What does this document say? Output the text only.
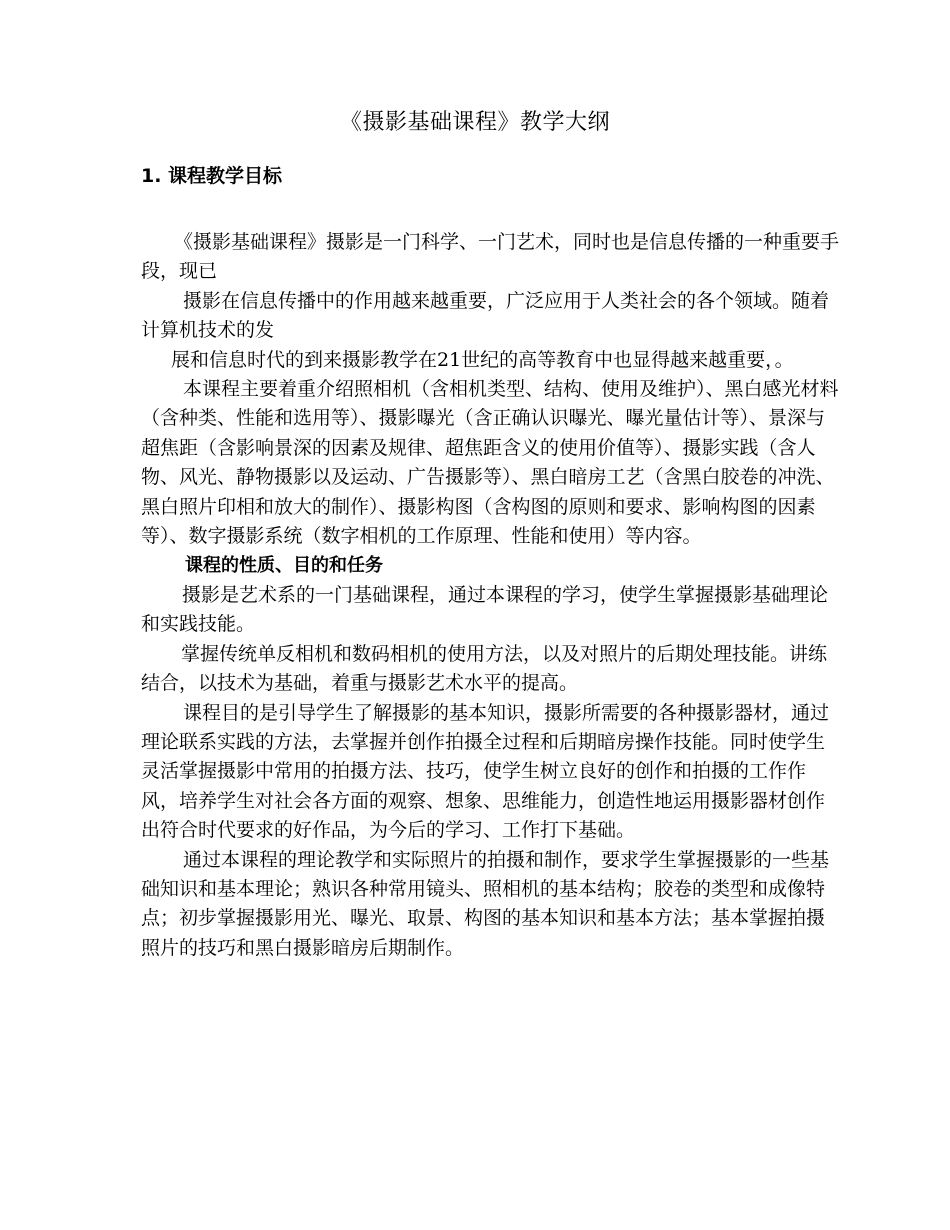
《摄影基础课程》教学大纲
1. 课程教学目标

《摄影基础课程》摄影是一门科学、一门艺术，同时也是信息传播的一种重要手段，现已

摄影在信息传播中的作用越来越重要，广泛应用于人类社会的各个领域。随着计算机技术的发

展和信息时代的到来摄影教学在21世纪的高等教育中也显得越来越重要，。

本课程主要着重介绍照相机（含相机类型、结构、使用及维护）、黑白感光材料（含种类、性能和选用等）、摄影曝光（含正确认识曝光、曝光量估计等）、景深与超焦距（含影响景深的因素及规律、超焦距含义的使用价值等）、摄影实践（含人物、风光、静物摄影以及运动、广告摄影等）、黑白暗房工艺（含黑白胶卷的冲洗、黑白照片印相和放大的制作）、摄影构图（含构图的原则和要求、影响构图的因素等）、数字摄影系统（数字相机的工作原理、性能和使用）等内容。

课程的性质、目的和任务

摄影是艺术系的一门基础课程，通过本课程的学习，使学生掌握摄影基础理论和实践技能。

掌握传统单反相机和数码相机的使用方法，以及对照片的后期处理技能。讲练结合，以技术为基础，着重与摄影艺术水平的提高。

课程目的是引导学生了解摄影的基本知识，摄影所需要的各种摄影器材，通过理论联系实践的方法，去掌握并创作拍摄全过程和后期暗房操作技能。同时使学生灵活掌握摄影中常用的拍摄方法、技巧，使学生树立良好的创作和拍摄的工作作风，培养学生对社会各方面的观察、想象、思维能力，创造性地运用摄影器材创作出符合时代要求的好作品，为今后的学习、工作打下基础。

通过本课程的理论教学和实际照片的拍摄和制作，要求学生掌握摄影的一些基础知识和基本理论；熟识各种常用镜头、照相机的基本结构；胶卷的类型和成像特点；初步掌握摄影用光、曝光、取景、构图的基本知识和基本方法；基本掌握拍摄照片的技巧和黑白摄影暗房后期制作。
